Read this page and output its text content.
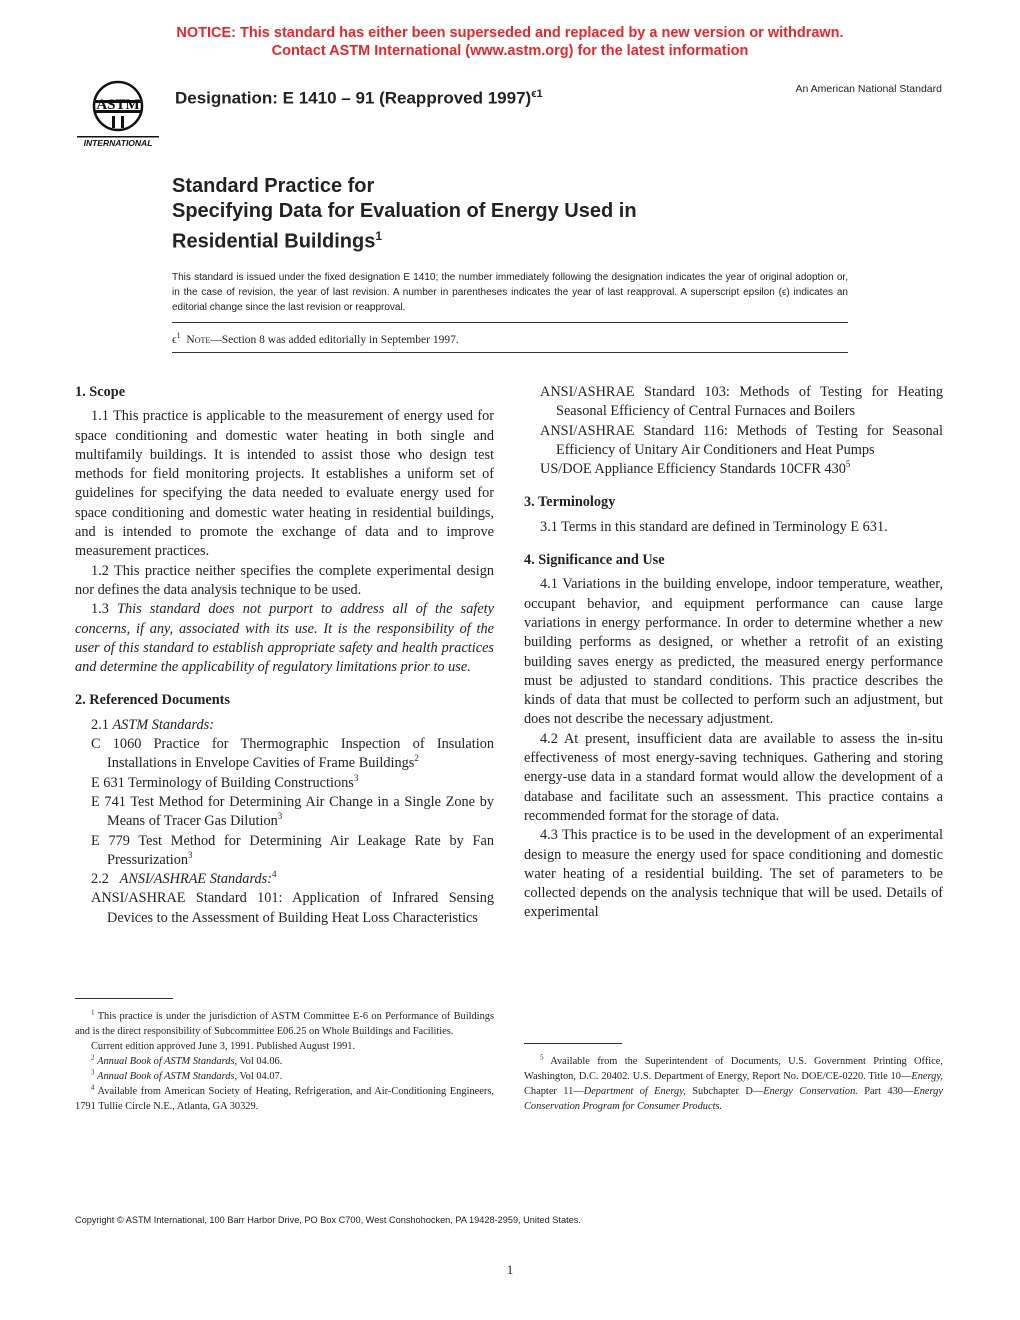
NOTICE: This standard has either been superseded and replaced by a new version or withdrawn.
Contact ASTM International (www.astm.org) for the latest information
ASTM
INTERNATIONAL
Designation: E 1410 – 91 (Reapproved 1997)$^{\epsilon 1}$	An American National Standard
Standard Practice for
Specifying Data for Evaluation of Energy Used in
Residential Buildings$^1$
This standard is issued under the fixed designation E 1410; the number immediately following the designation indicates the year of original adoption or, in the case of revision, the year of last revision. A number in parentheses indicates the year of last reapproval. A superscript epsilon (ϵ) indicates an editorial change since the last revision or reapproval.
$\epsilon^1$ Note—Section 8 was added editorially in September 1997.
1. Scope

1.1 This practice is applicable to the measurement of energy used for space conditioning and domestic water heating in both single and multifamily buildings. It is intended to assist those who design test methods for field monitoring projects. It establishes a uniform set of guidelines for specifying the data needed to evaluate energy used for space conditioning and domestic water heating in residential buildings, and is intended to promote the exchange of data and to improve measurement practices.

1.2 This practice neither specifies the complete experimental design nor defines the data analysis technique to be used.

1.3 This standard does not purport to address all of the safety concerns, if any, associated with its use. It is the responsibility of the user of this standard to establish appropriate safety and health practices and determine the applicability of regulatory limitations prior to use.

2. Referenced Documents

2.1 ASTM Standards:

C 1060 Practice for Thermographic Inspection of Insulation Installations in Envelope Cavities of Frame Buildings$^2$

E 631 Terminology of Building Constructions$^3$

E 741 Test Method for Determining Air Change in a Single Zone by Means of Tracer Gas Dilution$^3$

E 779 Test Method for Determining Air Leakage Rate by Fan Pressurization$^3$

2.2 ANSI/ASHRAE Standards:$^4$

ANSI/ASHRAE Standard 101: Application of Infrared Sensing Devices to the Assessment of Building Heat Loss Characteristics

ANSI/ASHRAE Standard 103: Methods of Testing for Heating Seasonal Efficiency of Central Furnaces and Boilers

ANSI/ASHRAE Standard 116: Methods of Testing for Seasonal Efficiency of Unitary Air Conditioners and Heat Pumps

US/DOE Appliance Efficiency Standards 10CFR $430^5$

3. Terminology

3.1 Terms in this standard are defined in Terminology E 631.

4. Significance and Use

4.1 Variations in the building envelope, indoor temperature, weather, occupant behavior, and equipment performance can cause large variations in energy performance. In order to determine whether a new building performs as designed, or whether a retrofit of an existing building saves energy as predicted, the measured energy performance must be adjusted to standard conditions. This practice describes the kinds of data that must be collected to perform such an adjustment, but does not describe the necessary adjustment.

4.2 At present, insufficient data are available to assess the in-situ effectiveness of most energy-saving techniques. Gathering and storing energy-use data in a standard format would allow the development of a database and facilitate such an assessment. This practice contains a recommended format for the storage of data.

4.3 This practice is to be used in the development of an experimental design to measure the energy used for space conditioning and domestic water heating of a residential building. The set of parameters to be collected depends on the analysis technique that will be used. Details of experimental

$^1$ This practice is under the jurisdiction of ASTM Committee E-6 on Performance of Buildings and is the direct responsibility of Subcommittee E06.25 on Whole Buildings and Facilities.

Current edition approved June 3, 1991. Published August 1991.

$^2$ Annual Book of ASTM Standards, Vol 04.06.

$^3$ Annual Book of ASTM Standards, Vol 04.07.

$^4$ Available from American Society of Heating, Refrigeration, and Air-Conditioning Engineers, 1791 Tullie Circle N.E., Atlanta, GA 30329.

$^5$ Available from the Superintendent of Documents, U.S. Government Printing Office, Washington, D.C. 20402. U.S. Department of Energy, Report No. DOE/CE-0220. Title 10—Energy, Chapter 11—Department of Energy, Subchapter D—Energy Conservation. Part 430—Energy Conservation Program for Consumer Products.

Copyright © ASTM International, 100 Barr Harbor Drive, PO Box C700, West Conshohocken, PA 19428-2959, United States.
1
